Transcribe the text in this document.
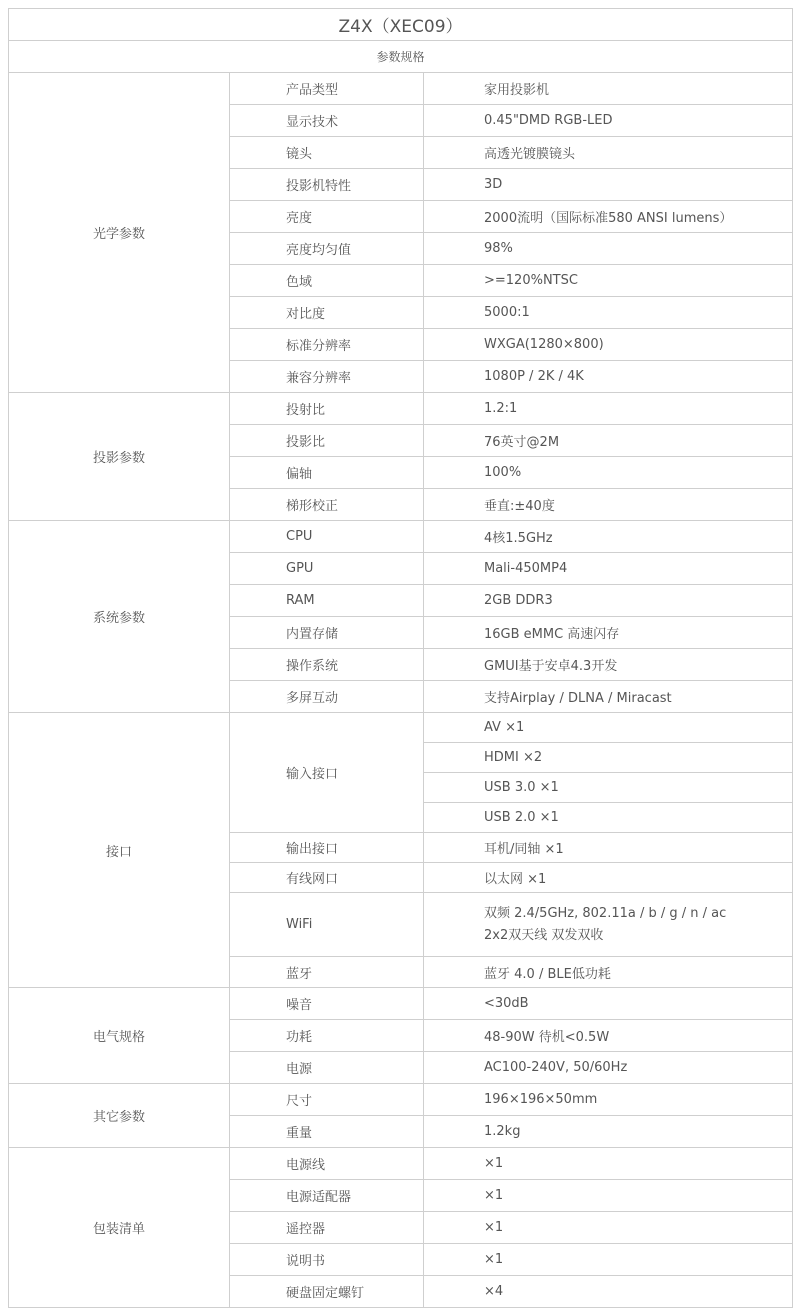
Z4X（XEC09）		
参数规格		
光学参数	产品类型	家用投影机
	显示技术	0.45"DMD RGB-LED
	镜头	高透光镀膜镜头
	投影机特性	3D
	亮度	2000流明（国际标准580 ANSI lumens）
	亮度均匀值	98%
	色域	>=120%NTSC
	对比度	5000:1
	标准分辨率	WXGA(1280×800)
	兼容分辨率	1080P / 2K / 4K
投影参数	投射比	1.2:1
	投影比	76英寸@2M
	偏轴	100%
	梯形校正	垂直:±40度
系统参数	CPU	4核1.5GHz
	GPU	Mali-450MP4
	RAM	2GB DDR3
	内置存储	16GB eMMC 高速闪存
	操作系统	GMUI基于安卓4.3开发
	多屏互动	支持Airplay / DLNA / Miracast
接口	输入接口	AV ×1
		HDMI ×2
		USB 3.0 ×1
		USB 2.0 ×1
	输出接口	耳机/同轴 ×1
	有线网口	以太网 ×1
	WiFi	双频 2.4/5GHz, 802.11a / b / g / n / ac
2x2双天线 双发双收

	蓝牙	蓝牙 4.0 / BLE低功耗
电气规格	噪音	<30dB
	功耗	48-90W 待机<0.5W
	电源	AC100-240V, 50/60Hz
其它参数	尺寸	196×196×50mm
	重量	1.2kg
包装清单	电源线	×1
	电源适配器	×1
	遥控器	×1
	说明书	×1
	硬盘固定螺钉	×4
